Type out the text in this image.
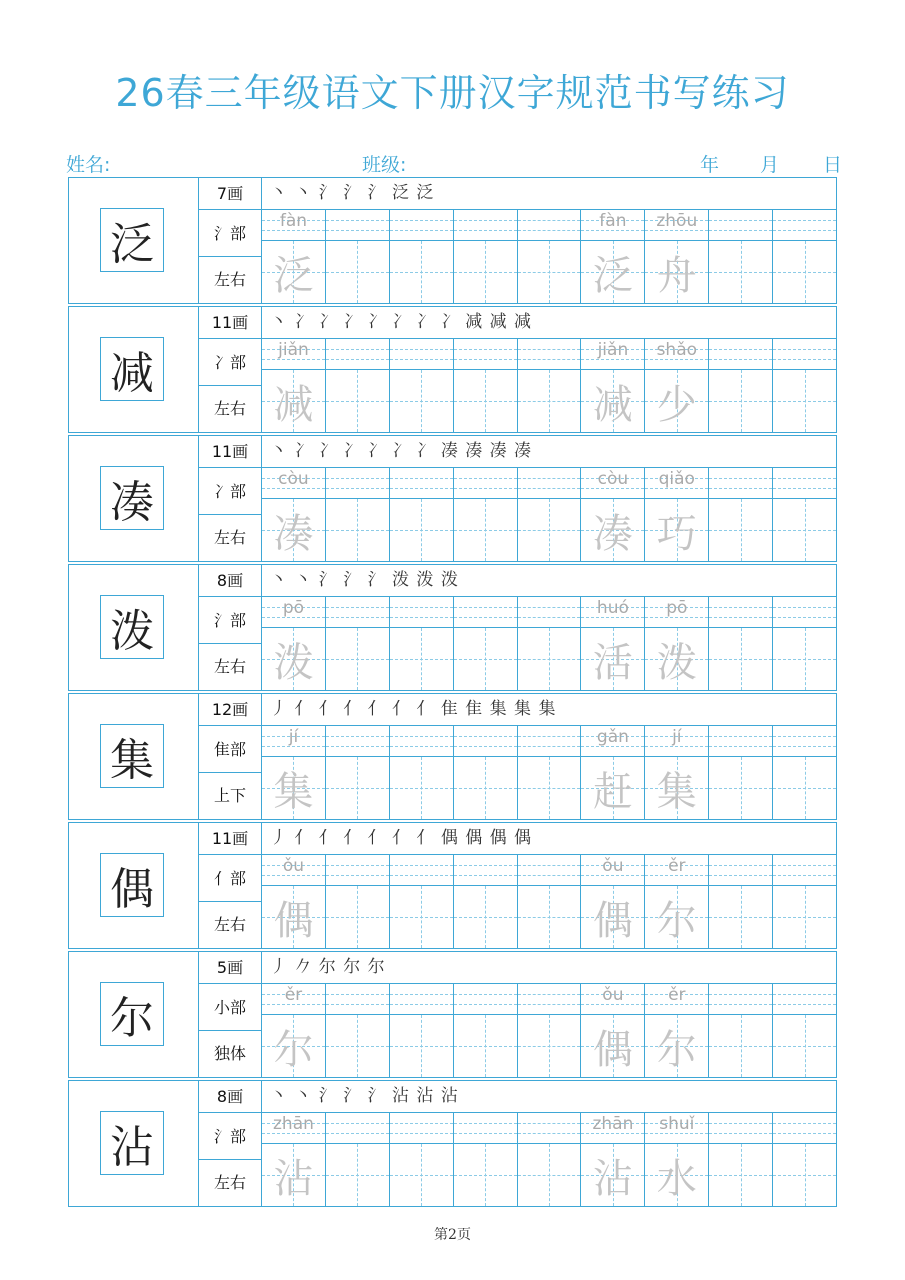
26春三年级语文下册汉字规范书写练习
姓名:	班级:	年 月 日
泛
7画
氵部
左右
丶 丶 氵 氵 氵 泛 泛
fàn
泛
fàn
泛
zhōu
舟
减
11画
冫部
左右
丶 冫 冫 冫 冫 冫 冫 冫 减 减 减
jiǎn
减
jiǎn
减
shǎo
少
凑
11画
冫部
左右
丶 冫 冫 冫 冫 冫 冫 凑 凑 凑 凑
còu
凑
còu
凑
qiǎo
巧
泼
8画
氵部
左右
丶 丶 氵 氵 氵 泼 泼 泼
pō
泼
huó
活
pō
泼
集
12画
隹部
上下
丿 亻 亻 亻 亻 亻 亻 隹 隹 集 集 集
jí
集
gǎn
赶
jí
集
偶
11画
亻部
左右
丿 亻 亻 亻 亻 亻 亻 偶 偶 偶 偶
ǒu
偶
ǒu
偶
ěr
尔
尔
5画
小部
独体
丿 𠂊 尔 尔 尔
ěr
尔
ǒu
偶
ěr
尔
沾
8画
氵部
左右
丶 丶 氵 氵 氵 沾 沾 沾
zhān
沾
zhān
沾
shuǐ
水
第2页
